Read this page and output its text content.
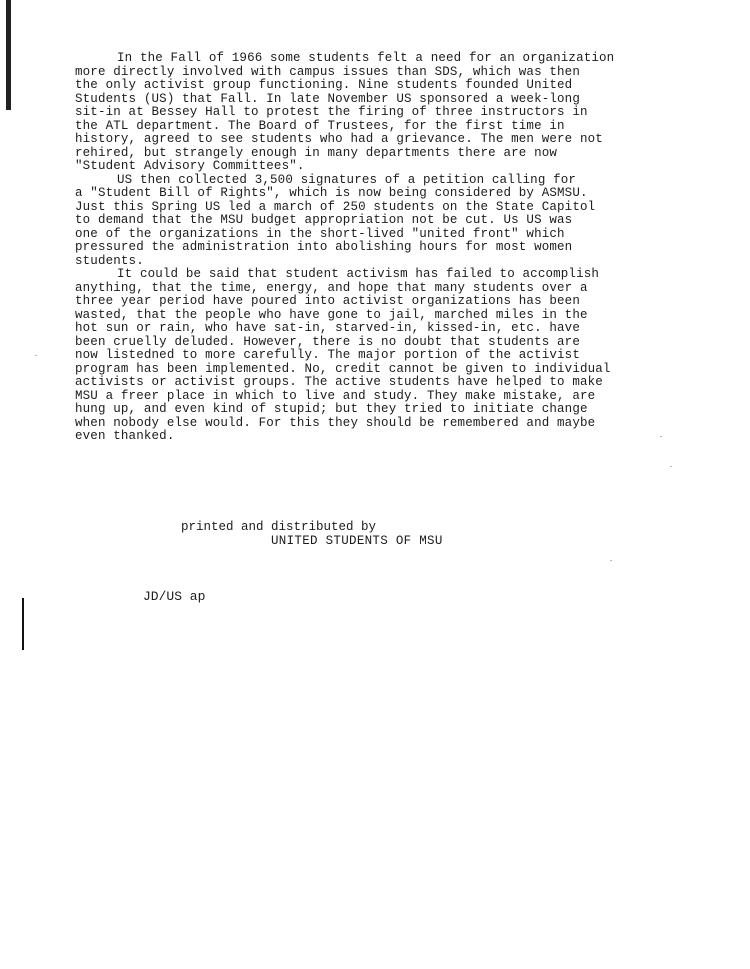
In the Fall of 1966 some students felt a need for an organization
more directly involved with campus issues than SDS, which was then
the only activist group functioning. Nine students founded United
Students (US) that Fall. In late November US sponsored a week-long
sit-in at Bessey Hall to protest the firing of three instructors in
the ATL department. The Board of Trustees, for the first time in
history, agreed to see students who had a grievance. The men were not
rehired, but strangely enough in many departments there are now
"Student Advisory Committees".

US then collected 3,500 signatures of a petition calling for
a "Student Bill of Rights", which is now being considered by ASMSU.
Just this Spring US led a march of 250 students on the State Capitol
to demand that the MSU budget appropriation not be cut. Us US was
one of the organizations in the short-lived "united front" which
pressured the administration into abolishing hours for most women
students.

It could be said that student activism has failed to accomplish
anything, that the time, energy, and hope that many students over a
three year period have poured into activist organizations has been
wasted, that the people who have gone to jail, marched miles in the
hot sun or rain, who have sat-in, starved-in, kissed-in, etc. have
been cruelly deluded. However, there is no doubt that students are
now listedned to more carefully. The major portion of the activist
program has been implemented. No, credit cannot be given to individual
activists or activist groups. The active students have helped to make
MSU a freer place in which to live and study. They make mistake, are
hung up, and even kind of stupid; but they tried to initiate change
when nobody else would. For this they should be remembered and maybe
even thanked.

printed and distributed by

UNITED STUDENTS OF MSU

JD/US ap
